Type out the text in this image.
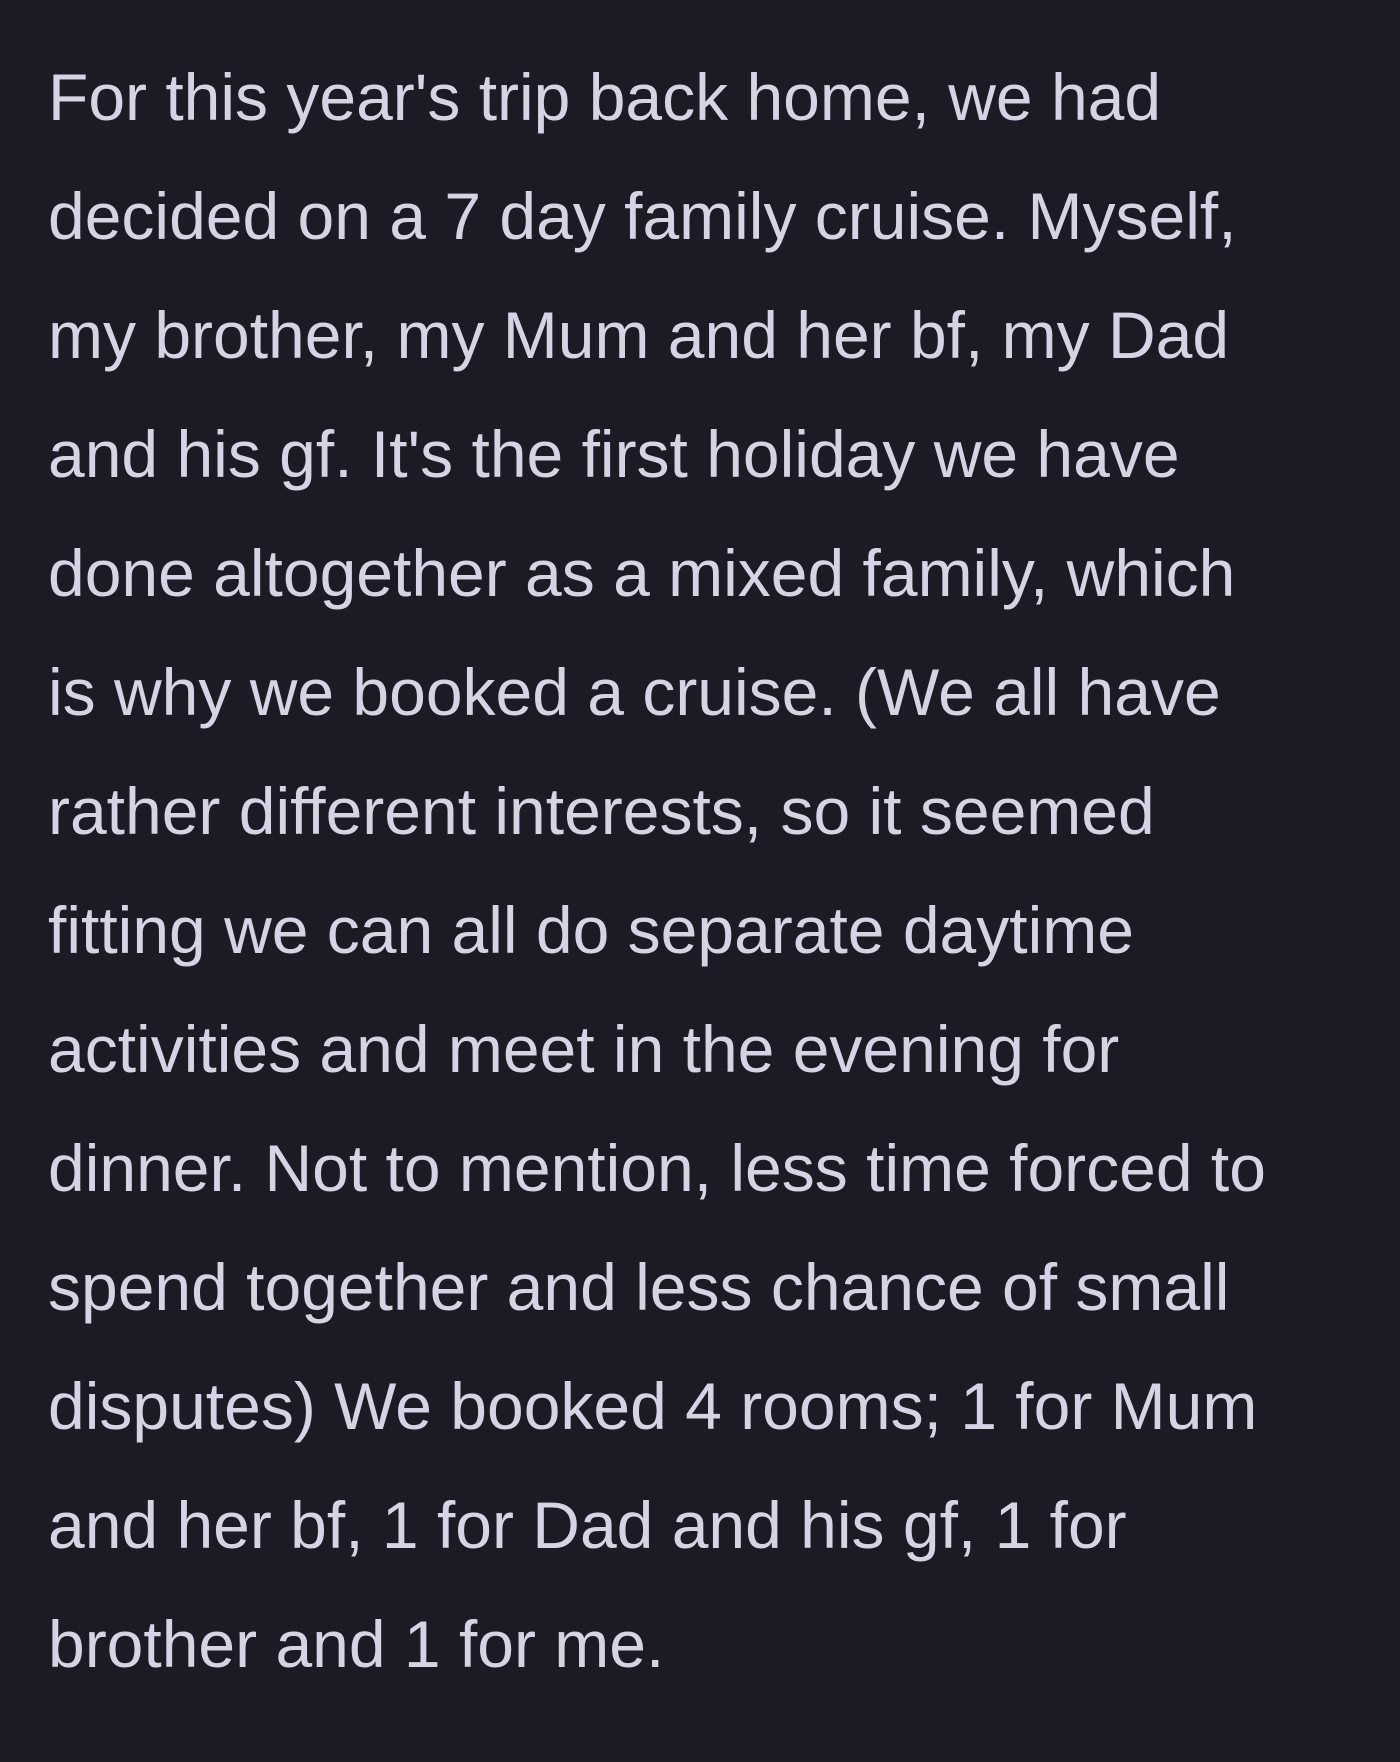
For this year's trip back home, we had
decided on a 7 day family cruise. Myself,
my brother, my Mum and her bf, my Dad
and his gf. It's the first holiday we have
done altogether as a mixed family, which
is why we booked a cruise. (We all have
rather different interests, so it seemed
fitting we can all do separate daytime
activities and meet in the evening for
dinner. Not to mention, less time forced to
spend together and less chance of small
disputes) We booked 4 rooms; 1 for Mum
and her bf, 1 for Dad and his gf, 1 for
brother and 1 for me.
